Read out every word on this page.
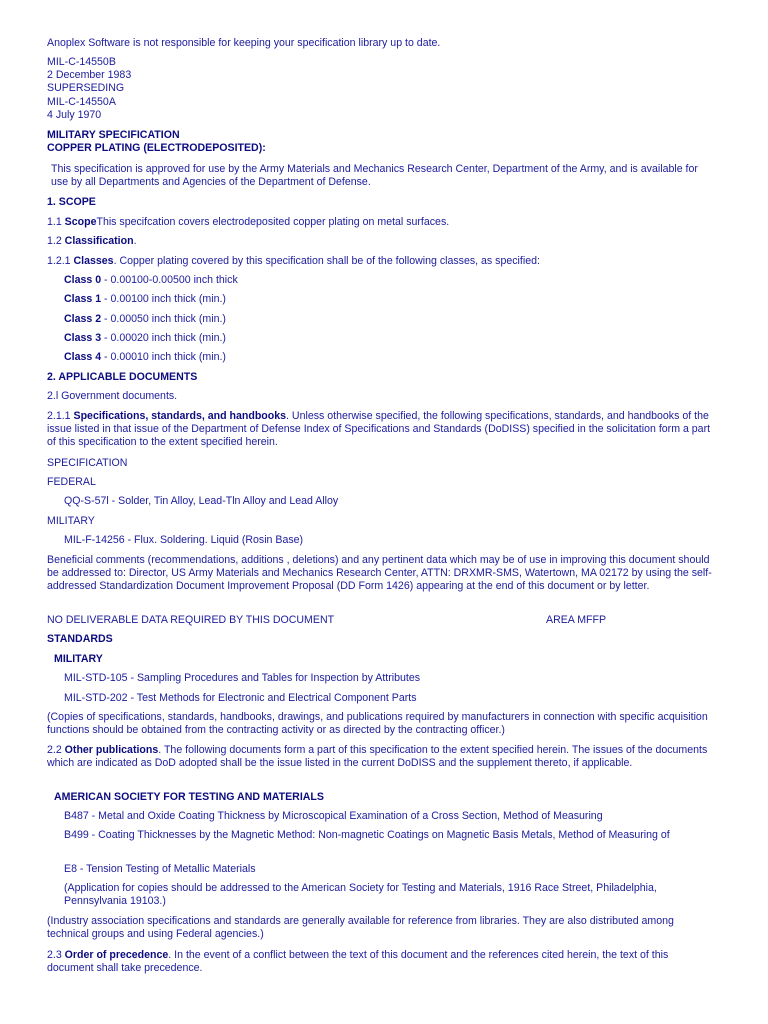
Anoplex Software is not responsible for keeping your specification library up to date.

MIL-C-14550B
2 December 1983
SUPERSEDING
MIL-C-14550A
4 July 1970
MILITARY SPECIFICATION
COPPER PLATING (ELECTRODEPOSITED):

This specification is approved for use by the Army Materials and Mechanics Research Center, Department of the Army, and is available for use by all Departments and Agencies of the Department of Defense.

1. SCOPE

1.1 ScopeThis specifcation covers electrodeposited copper plating on metal surfaces.

1.2 Classification.

1.2.1 Classes. Copper plating covered by this specification shall be of the following classes, as specified:

Class 0 - 0.00100-0.00500 inch thick

Class 1 - 0.00100 inch thick (min.)

Class 2 - 0.00050 inch thick (min.)

Class 3 - 0.00020 inch thick (min.)

Class 4 - 0.00010 inch thick (min.)

2. APPLICABLE DOCUMENTS

2.l Government documents.

2.1.1 Specifications, standards, and handbooks. Unless otherwise specified, the following specifications, standards, and handbooks of the issue listed in that issue of the Department of Defense Index of Specifications and Standards (DoDISS) specified in the solicitation form a part of this specification to the extent specified herein.

SPECIFICATION

FEDERAL

QQ-S-57l - Solder, Tin Alloy, Lead-Tln Alloy and Lead Alloy

MILITARY

MIL-F-14256 - Flux. Soldering. Liquid (Rosin Base)

Beneficial comments (recommendations, additions , deletions) and any pertinent data which may be of use in improving this document should be addressed to: Director, US Army Materials and Mechanics Research Center, ATTN: DRXMR-SMS, Watertown, MA 02172 by using the self-addressed Standardization Document Improvement Proposal (DD Form 1426) appearing at the end of this document or by letter.

NO DELIVERABLE DATA REQUIRED BY THIS DOCUMENT	AREA MFFP

STANDARDS

MILITARY

MIL-STD-105 - Sampling Procedures and Tables for Inspection by Attributes

MIL-STD-202 - Test Methods for Electronic and Electrical Component Parts

(Copies of specifications, standards, handbooks, drawings, and publications required by manufacturers in connection with specific acquisition functions should be obtained from the contracting activity or as directed by the contracting officer.)

2.2 Other publications. The following documents form a part of this specification to the extent specified herein. The issues of the documents which are indicated as DoD adopted shall be the issue listed in the current DoDISS and the supplement thereto, if applicable.

AMERICAN SOCIETY FOR TESTING AND MATERIALS

B487 - Metal and Oxide Coating Thickness by Microscopical Examination of a Cross Section, Method of Measuring

B499 - Coating Thicknesses by the Magnetic Method: Non-magnetic Coatings on Magnetic Basis Metals, Method of Measuring of

E8 - Tension Testing of Metallic Materials

(Application for copies should be addressed to the American Society for Testing and Materials, 1916 Race Street, Philadelphia, Pennsylvania 19103.)

(Industry association specifications and standards are generally available for reference from libraries. They are also distributed among technical groups and using Federal agencies.)

2.3 Order of precedence. In the event of a conflict between the text of this document and the references cited herein, the text of this document shall take precedence.
